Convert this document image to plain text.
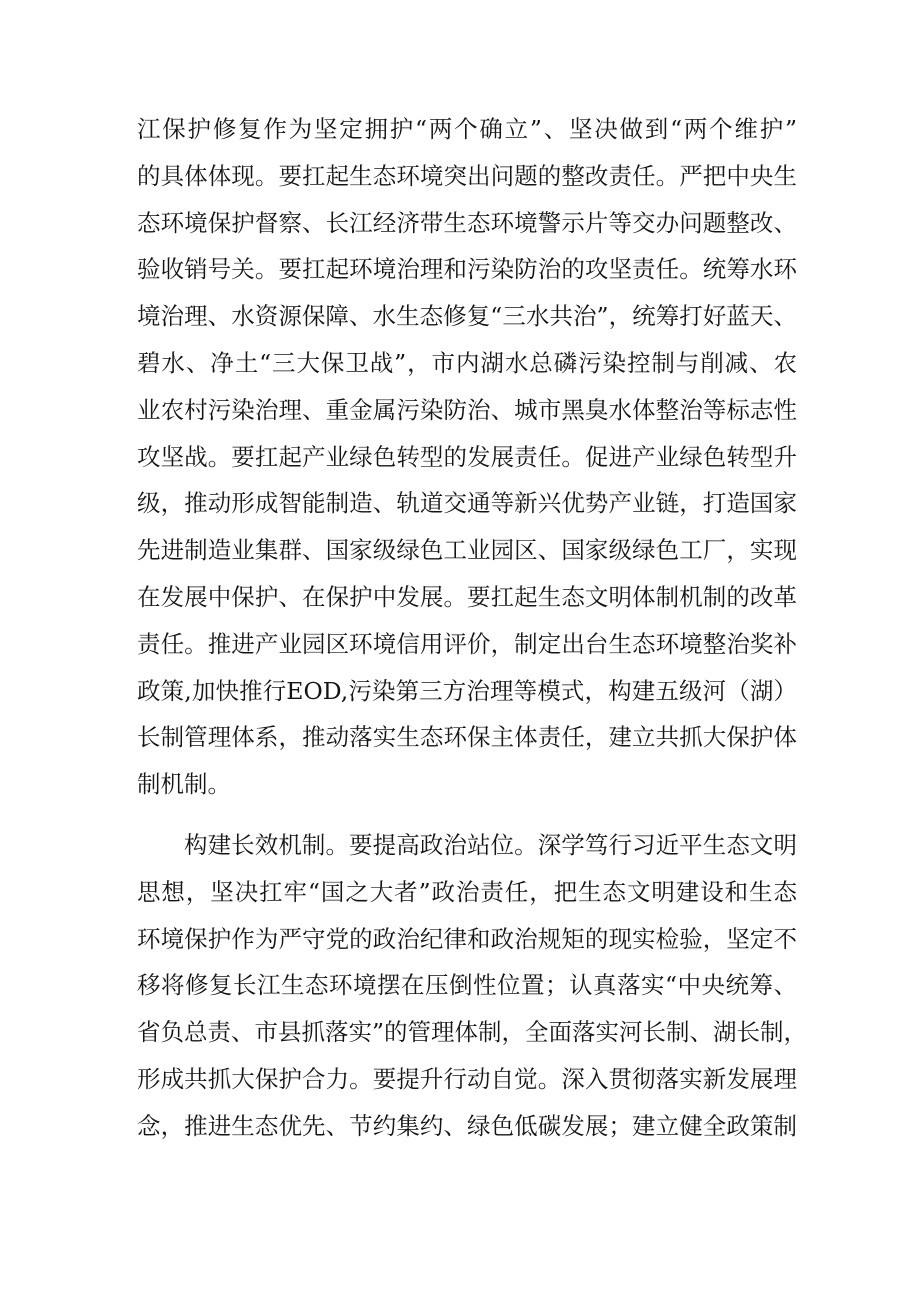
江保护修复作为坚定拥护“两个确立”、坚决做到“两个维护”
的具体体现。要扛起生态环境突出问题的整改责任。严把中央生
态环境保护督察、长江经济带生态环境警示片等交办问题整改、
验收销号关。要扛起环境治理和污染防治的攻坚责任。统筹水环
境治理、水资源保障、水生态修复“三水共治”，统筹打好蓝天、
碧水、净土“三大保卫战”，市内湖水总磷污染控制与削减、农
业农村污染治理、重金属污染防治、城市黑臭水体整治等标志性
攻坚战。要扛起产业绿色转型的发展责任。促进产业绿色转型升
级，推动形成智能制造、轨道交通等新兴优势产业链，打造国家
先进制造业集群、国家级绿色工业园区、国家级绿色工厂，实现
在发展中保护、在保护中发展。要扛起生态文明体制机制的改革
责任。推进产业园区环境信用评价，制定出台生态环境整治奖补
政策,加快推行EOD,污染第三方治理等模式，构建五级河（湖）
长制管理体系，推动落实生态环保主体责任，建立共抓大保护体
制机制。
构建长效机制。要提高政治站位。深学笃行习近平生态文明
思想，坚决扛牢“国之大者”政治责任，把生态文明建设和生态
环境保护作为严守党的政治纪律和政治规矩的现实检验，坚定不
移将修复长江生态环境摆在压倒性位置；认真落实“中央统筹、
省负总责、市县抓落实”的管理体制，全面落实河长制、湖长制，
形成共抓大保护合力。要提升行动自觉。深入贯彻落实新发展理
念，推进生态优先、节约集约、绿色低碳发展；建立健全政策制
